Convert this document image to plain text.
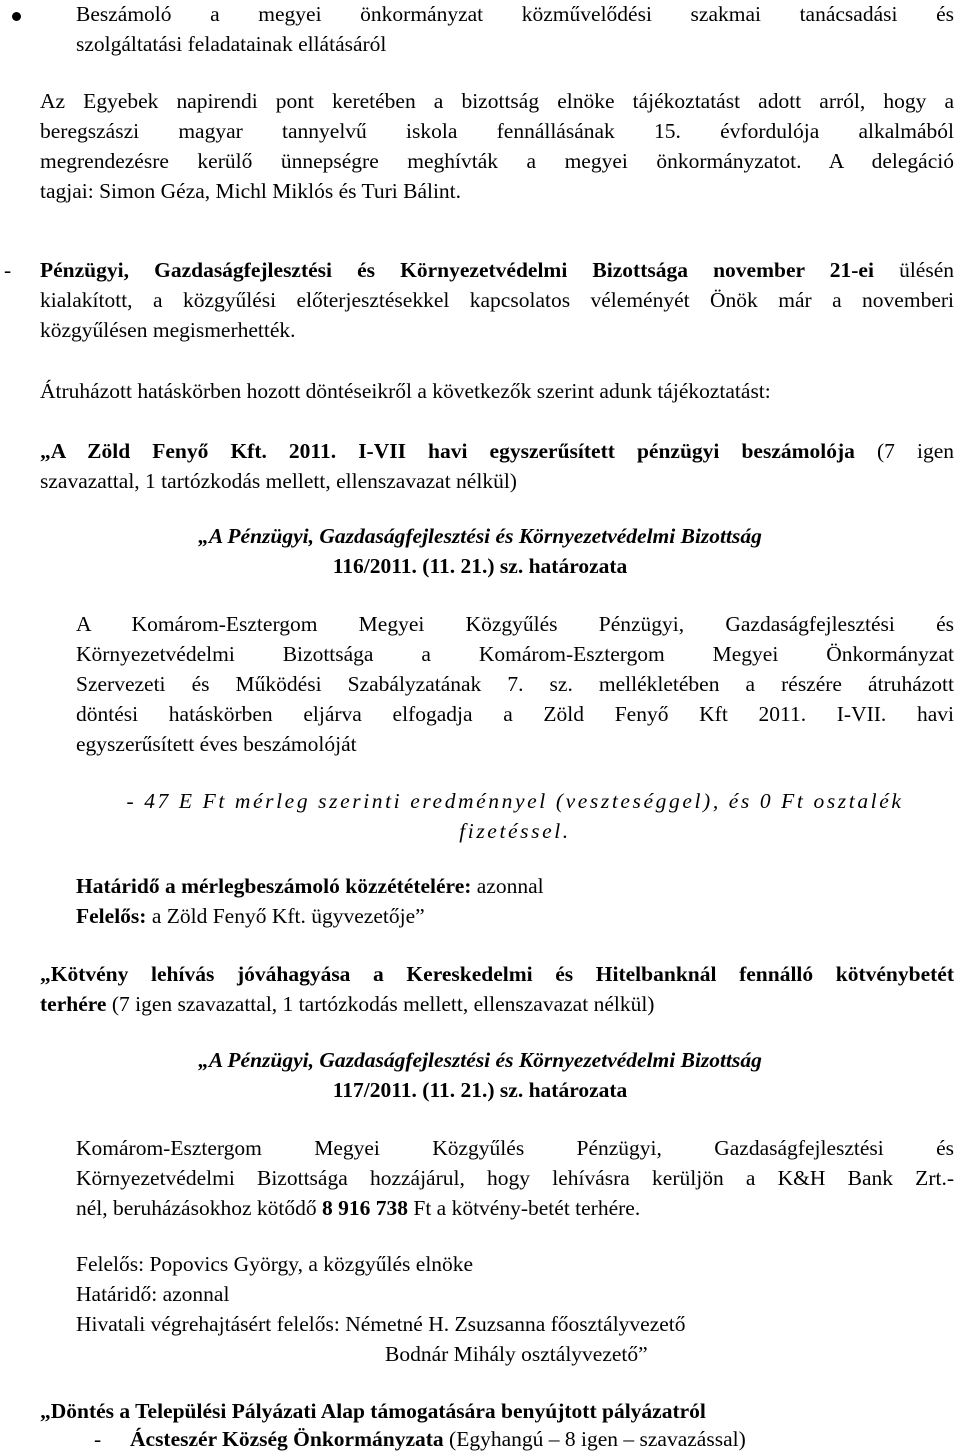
Beszámoló a megyei önkormányzat közművelődési szakmai tanácsadási és
szolgáltatási feladatainak ellátásáról
Az Egyebek napirendi pont keretében a bizottság elnöke tájékoztatást adott arról, hogy a
beregszászi magyar tannyelvű iskola fennállásának 15. évfordulója alkalmából
megrendezésre kerülő ünnepségre meghívták a megyei önkormányzatot. A delegáció
tagjai: Simon Géza, Michl Miklós és Turi Bálint.
- Pénzügyi, Gazdaságfejlesztési és Környezetvédelmi Bizottsága november 21-ei ülésén
kialakított, a közgyűlési előterjesztésekkel kapcsolatos véleményét Önök már a novemberi
közgyűlésen megismerhették.
Átruházott hatáskörben hozott döntéseikről a következők szerint adunk tájékoztatást:
„A Zöld Fenyő Kft. 2011. I-VII havi egyszerűsített pénzügyi beszámolója (7 igen
szavazattal, 1 tartózkodás mellett, ellenszavazat nélkül)
„A Pénzügyi, Gazdaságfejlesztési és Környezetvédelmi Bizottság
116/2011. (11. 21.) sz. határozata
A Komárom-Esztergom Megyei Közgyűlés Pénzügyi, Gazdaságfejlesztési és
Környezetvédelmi Bizottsága a Komárom-Esztergom Megyei Önkormányzat
Szervezeti és Működési Szabályzatának 7. sz. mellékletében a részére átruházott
döntési hatáskörben eljárva elfogadja a Zöld Fenyő Kft 2011. I-VII. havi
egyszerűsített éves beszámolóját
- 47 E Ft mérleg szerinti eredménnyel (veszteséggel), és 0 Ft osztalék
fizetéssel.
Határidő a mérlegbeszámoló közzétételére: azonnal
Felelős: a Zöld Fenyő Kft. ügyvezetője”
„Kötvény lehívás jóváhagyása a Kereskedelmi és Hitelbanknál fennálló kötvénybetét
terhére (7 igen szavazattal, 1 tartózkodás mellett, ellenszavazat nélkül)
„A Pénzügyi, Gazdaságfejlesztési és Környezetvédelmi Bizottság
117/2011. (11. 21.) sz. határozata
Komárom-Esztergom Megyei Közgyűlés Pénzügyi, Gazdaságfejlesztési és
Környezetvédelmi Bizottsága hozzájárul, hogy lehívásra kerüljön a K&H Bank Zrt.-
nél, beruházásokhoz kötődő 8 916 738 Ft a kötvény-betét terhére.
Felelős: Popovics György, a közgyűlés elnöke
Határidő: azonnal
Hivatali végrehajtásért felelős: Németné H. Zsuzsanna főosztályvezető
Bodnár Mihály osztályvezető”
„Döntés a Települési Pályázati Alap támogatására benyújtott pályázatról
- Ácsteszér Község Önkormányzata (Egyhangú – 8 igen – szavazással)
